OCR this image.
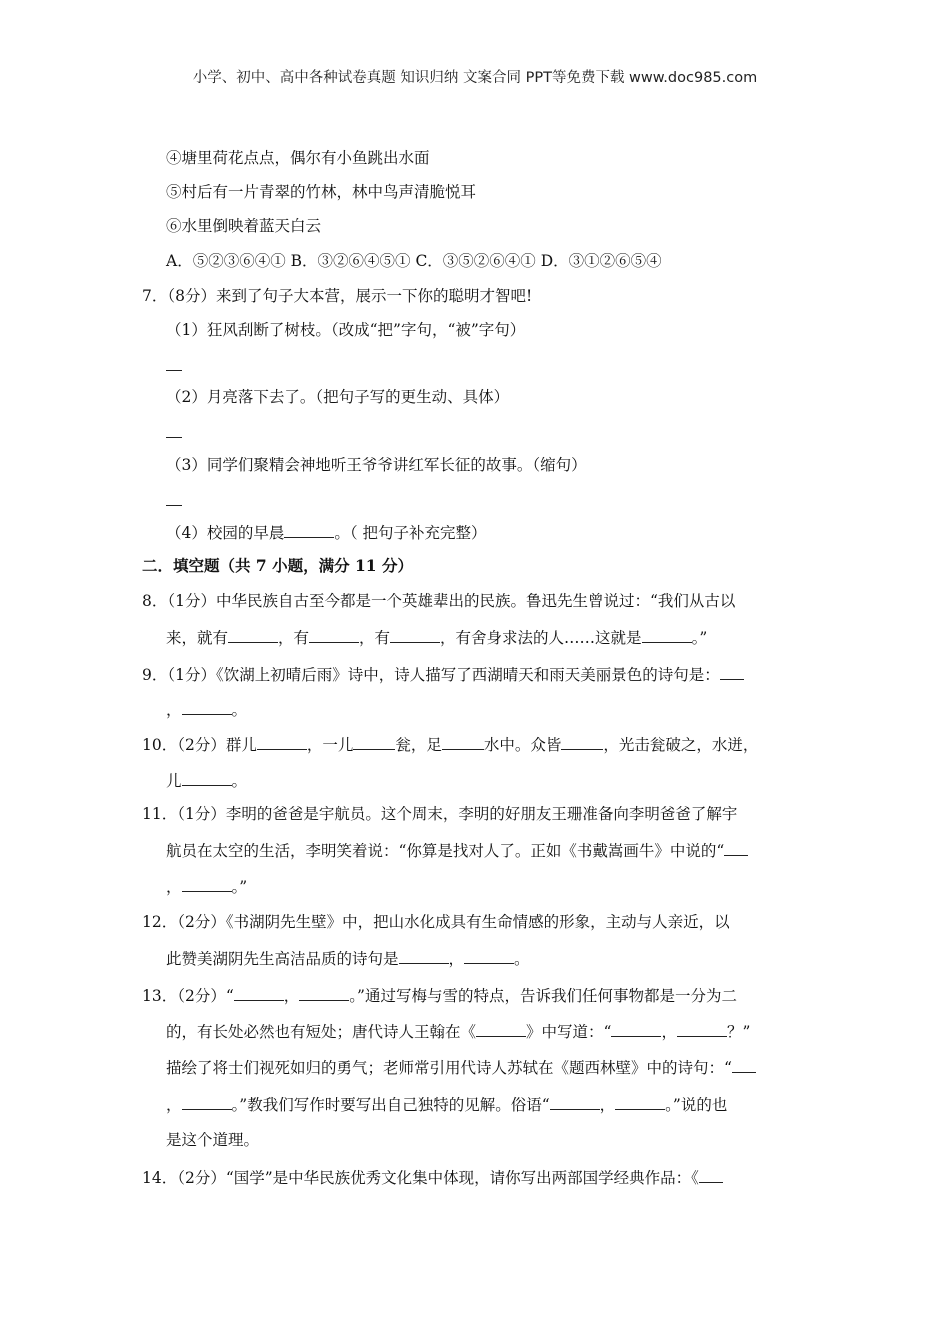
小学、初中、高中各种试卷真题 知识归纳 文案合同 PPT等免费下载 www.doc985.com
④塘里荷花点点，偶尔有小鱼跳出水面
⑤村后有一片青翠的竹林，林中鸟声清脆悦耳
⑥水里倒映着蓝天白云
A．⑤②③⑥④① B．③②⑥④⑤① C．③⑤②⑥④① D．③①②⑥⑤④
7．（8分）来到了句子大本营，展示一下你的聪明才智吧!
（1）狂风刮断了树枝。（改成“把”字句，“被”字句）
（2）月亮落下去了。（把句子写的更生动、具体）
（3）同学们聚精会神地听王爷爷讲红军长征的故事。（缩句）
（4）校园的早晨	。（ 把句子补充完整）
二．填空题（共 7 小题，满分 11 分）
8．（1分）中华民族自古至今都是一个英雄辈出的民族。鲁迅先生曾说过：“我们从古以
来，就有	，有	，有	，有舍身求法的人……这就是	。”
9．（1分）《饮湖上初晴后雨》诗中，诗人描写了西湖晴天和雨天美丽景色的诗句是：
，	。
10．（2分）群儿	，一儿	瓮，足	水中。众皆	，光击瓮破之，水迸，
儿	。
11．（1分）李明的爸爸是宇航员。这个周末，李明的好朋友王珊准备向李明爸爸了解宇
航员在太空的生活，李明笑着说：“你算是找对人了。正如《书戴嵩画牛》中说的“
，	。”
12．（2分）《书湖阴先生壁》中，把山水化成具有生命情感的形象，主动与人亲近，以
此赞美湖阴先生高洁品质的诗句是	，	。
13．（2分）“	，	。”通过写梅与雪的特点，告诉我们任何事物都是一分为二
的，有长处必然也有短处；唐代诗人王翰在《	》中写道：“	，	？”
描绘了将士们视死如归的勇气；老师常引用代诗人苏轼在《题西林壁》中的诗句：“
，	。”教我们写作时要写出自己独特的见解。俗语“	，	。”说的也
是这个道理。
14．（2分）“国学”是中华民族优秀文化集中体现，请你写出两部国学经典作品：《
